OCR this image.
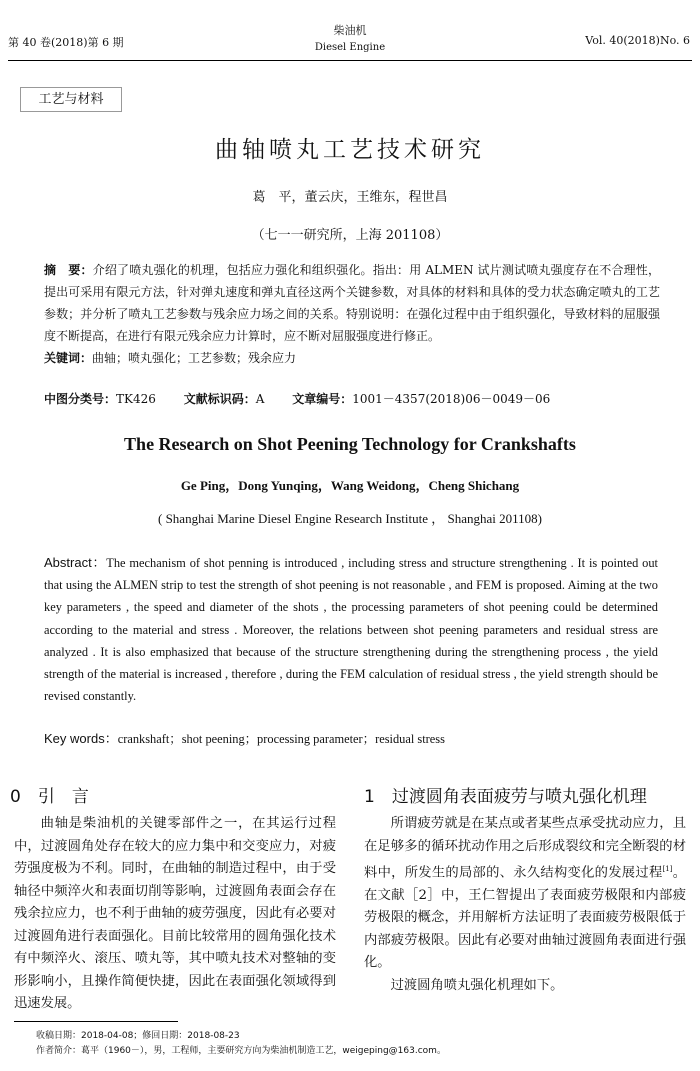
第 40 卷(2018)第 6 期
柴油机
Diesel Engine
Vol. 40(2018)No. 6
工艺与材料
曲轴喷丸工艺技术研究
葛　平，董云庆，王维东，程世昌
（七一一研究所，上海 201108）
摘　要：介绍了喷丸强化的机理，包括应力强化和组织强化。指出：用 ALMEN 试片测试喷丸强度存在不合理性，提出可采用有限元方法，针对弹丸速度和弹丸直径这两个关键参数，对具体的材料和具体的受力状态确定喷丸的工艺参数；并分析了喷丸工艺参数与残余应力场之间的关系。特别说明：在强化过程中由于组织强化，导致材料的屈服强度不断提高，在进行有限元残余应力计算时，应不断对屈服强度进行修正。
关键词：曲轴；喷丸强化；工艺参数；残余应力
中图分类号：TK426 文献标识码：A 文章编号：1001－4357(2018)06－0049－06
The Research on Shot Peening Technology for Crankshafts
Ge Ping，Dong Yunqing，Wang Weidong，Cheng Shichang
( Shanghai Marine Diesel Engine Research Institute ， Shanghai 201108)
Abstract：The mechanism of shot penning is introduced , including stress and structure strengthening . It is pointed out that using the ALMEN strip to test the strength of shot peening is not reasonable , and FEM is proposed. Aiming at the two key parameters , the speed and diameter of the shots , the processing parameters of shot peening could be determined according to the material and stress . Moreover, the relations between shot peening parameters and residual stress are analyzed . It is also emphasized that because of the structure strengthening during the strengthening process , the yield strength of the material is increased , therefore , during the FEM calculation of residual stress , the yield strength should be revised constantly.
Key words：crankshaft；shot peening；processing parameter；residual stress
0　引　言

曲轴是柴油机的关键零部件之一，在其运行过程中，过渡圆角处存在较大的应力集中和交变应力，对疲劳强度极为不利。同时，在曲轴的制造过程中，由于受轴径中频淬火和表面切削等影响，过渡圆角表面会存在残余拉应力，也不利于曲轴的疲劳强度，因此有必要对过渡圆角进行表面强化。目前比较常用的圆角强化技术有中频淬火、滚压、喷丸等，其中喷丸技术对整轴的变形影响小，且操作简便快捷，因此在表面强化领域得到迅速发展。

1　过渡圆角表面疲劳与喷丸强化机理

所谓疲劳就是在某点或者某些点承受扰动应力，且在足够多的循环扰动作用之后形成裂纹和完全断裂的材料中，所发生的局部的、永久结构变化的发展过程[1]。在文献［2］中，王仁智提出了表面疲劳极限和内部疲劳极限的概念，并用解析方法证明了表面疲劳极限低于内部疲劳极限。因此有必要对曲轴过渡圆角表面进行强化。

过渡圆角喷丸强化机理如下。

收稿日期：2018-04-08；修回日期：2018-08-23
作者简介：葛平（1960－），男，工程师，主要研究方向为柴油机制造工艺，weigeping@163.com。
